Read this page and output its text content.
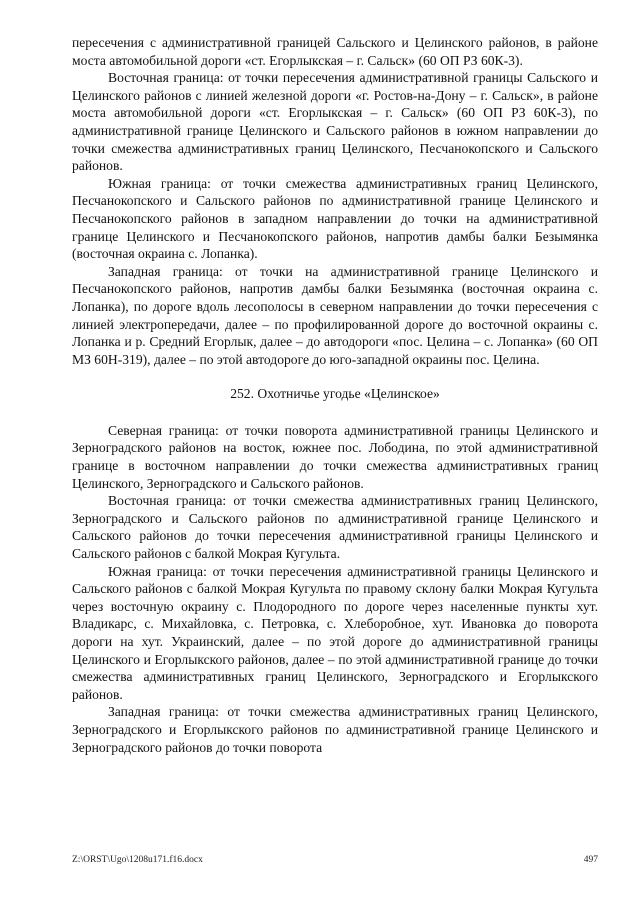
пересечения с административной границей Сальского и Целинского районов, в районе моста автомобильной дороги «ст. Егорлыкская – г. Сальск» (60 ОП РЗ 60К-3).

Восточная граница: от точки пересечения административной границы Сальского и Целинского районов с линией железной дороги «г. Ростов-на-Дону – г. Сальск», в районе моста автомобильной дороги «ст. Егорлыкская – г. Сальск» (60 ОП РЗ 60К-3), по административной границе Целинского и Сальского районов в южном направлении до точки смежества административных границ Целинского, Песчанокопского и Сальского районов.

Южная граница: от точки смежества административных границ Целинского, Песчанокопского и Сальского районов по административной границе Целинского и Песчанокопского районов в западном направлении до точки на административной границе Целинского и Песчанокопского районов, напротив дамбы балки Безымянка (восточная окраина с. Лопанка).

Западная граница: от точки на административной границе Целинского и Песчанокопского районов, напротив дамбы балки Безымянка (восточная окраина с. Лопанка), по дороге вдоль лесополосы в северном направлении до точки пересечения с линией электропередачи, далее – по профилированной дороге до восточной окраины с. Лопанка и р. Средний Егорлык, далее – до автодороги «пос. Целина – с. Лопанка» (60 ОП МЗ 60Н-319), далее – по этой автодороге до юго-западной окраины пос. Целина.

252. Охотничье угодье «Целинское»

Северная граница: от точки поворота административной границы Целинского и Зерноградского районов на восток, южнее пос. Лободина, по этой административной границе в восточном направлении до точки смежества административных границ Целинского, Зерноградского и Сальского районов.

Восточная граница: от точки смежества административных границ Целинского, Зерноградского и Сальского районов по административной границе Целинского и Сальского районов до точки пересечения административной границы Целинского и Сальского районов с балкой Мокрая Кугульта.

Южная граница: от точки пересечения административной границы Целинского и Сальского районов с балкой Мокрая Кугульта по правому склону балки Мокрая Кугульта через восточную окраину с. Плодородного по дороге через населенные пункты хут. Владикарс, с. Михайловка, с. Петровка, с. Хлеборобное, хут. Ивановка до поворота дороги на хут. Украинский, далее – по этой дороге до административной границы Целинского и Егорлыкского районов, далее – по этой административной границе до точки смежества административных границ Целинского, Зерноградского и Егорлыкского районов.

Западная граница: от точки смежества административных границ Целинского, Зерноградского и Егорлыкского районов по административной границе Целинского и Зерноградского районов до точки поворота

Z:\ORST\Ugo\1208u171.f16.docx	497
